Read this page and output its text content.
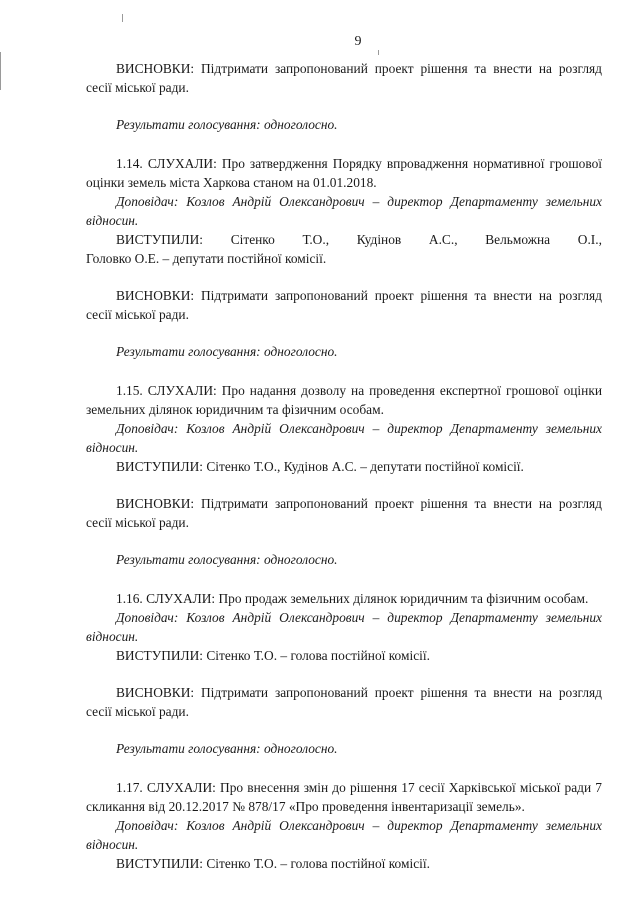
9

ВИСНОВКИ: Підтримати запропонований проект рішення та внести на розгляд сесії міської ради.

Результати голосування: одноголосно.

1.14. СЛУХАЛИ: Про затвердження Порядку впровадження нормативної грошової оцінки земель міста Харкова станом на 01.01.2018.

Доповідач: Козлов Андрій Олександрович – директор Департаменту земельних відносин.

ВИСТУПИЛИ: Сітенко Т.О., Кудінов А.С., Вельможна О.І.,
Головко О.Е. – депутати постійної комісії.

ВИСНОВКИ: Підтримати запропонований проект рішення та внести на розгляд сесії міської ради.

Результати голосування: одноголосно.

1.15. СЛУХАЛИ: Про надання дозволу на проведення експертної грошової оцінки земельних ділянок юридичним та фізичним особам.

Доповідач: Козлов Андрій Олександрович – директор Департаменту земельних відносин.

ВИСТУПИЛИ: Сітенко Т.О., Кудінов А.С. – депутати постійної комісії.

ВИСНОВКИ: Підтримати запропонований проект рішення та внести на розгляд сесії міської ради.

Результати голосування: одноголосно.

1.16. СЛУХАЛИ: Про продаж земельних ділянок юридичним та фізичним особам.

Доповідач: Козлов Андрій Олександрович – директор Департаменту земельних відносин.

ВИСТУПИЛИ: Сітенко Т.О. – голова постійної комісії.

ВИСНОВКИ: Підтримати запропонований проект рішення та внести на розгляд сесії міської ради.

Результати голосування: одноголосно.

1.17. СЛУХАЛИ: Про внесення змін до рішення 17 сесії Харківської міської ради 7 скликання від 20.12.2017 № 878/17 «Про проведення інвентаризації земель».

Доповідач: Козлов Андрій Олександрович – директор Департаменту земельних відносин.

ВИСТУПИЛИ: Сітенко Т.О. – голова постійної комісії.
